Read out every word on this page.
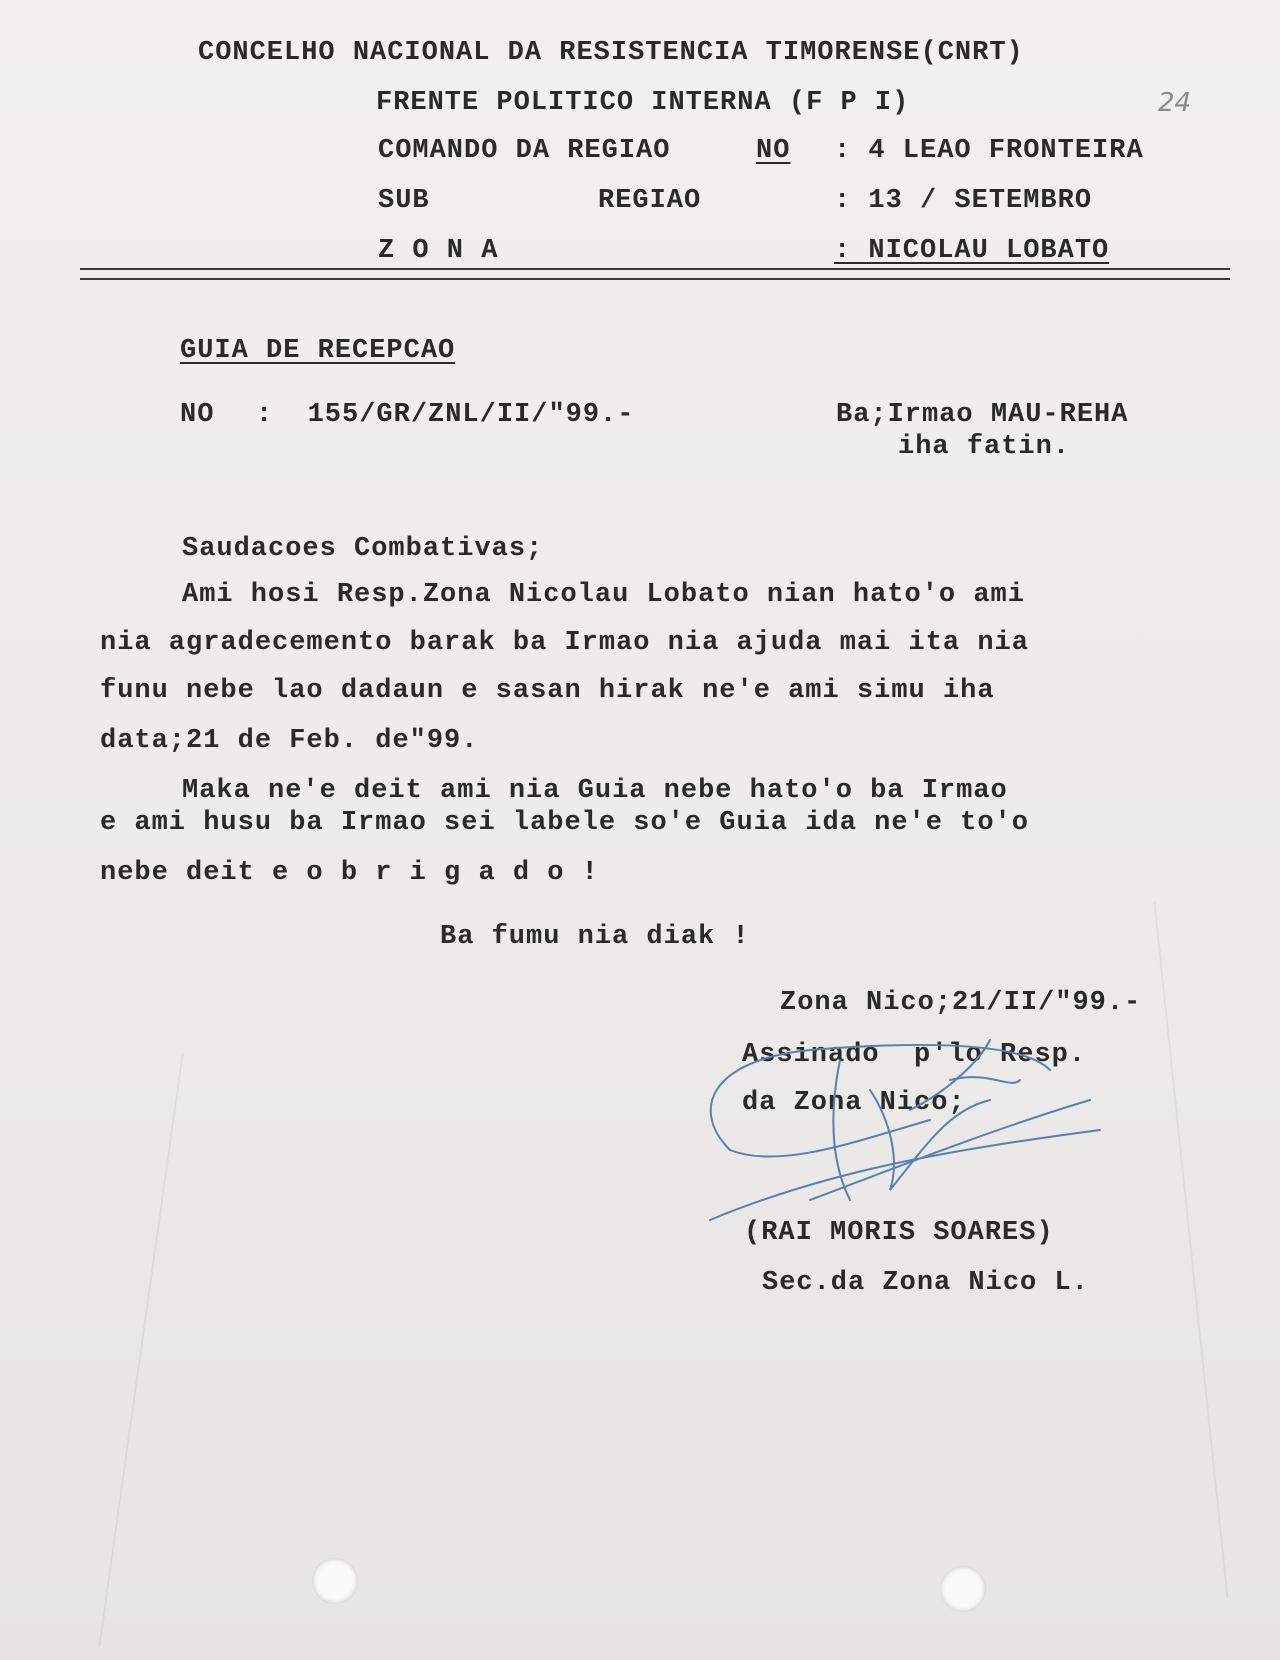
CONCELHO NACIONAL DA RESISTENCIA TIMORENSE(CNRT)
FRENTE POLITICO INTERNA (F P I)	24
COMANDO DA REGIAO	NO : 4 LEAO FRONTEIRA
SUB	REGIAO	: 13 / SETEMBRO
Z O N A	: NICOLAU LOBATO
GUIA DE RECEPCAO
NO :  155/GR/ZNL/II/"99.-	Ba;Irmao MAU-REHA
iha fatin.
Saudacoes Combativas;
Ami hosi Resp.Zona Nicolau Lobato nian hato'o ami
nia agradecemento barak ba Irmao nia ajuda mai ita nia
funu nebe lao dadaun e sasan hirak ne'e ami simu iha
data;21 de Feb. de"99.
Maka ne'e deit ami nia Guia nebe hato'o ba Irmao
e ami husu ba Irmao sei labele so'e Guia ida ne'e to'o
nebe deit e o b r i g a d o !
Ba fumu nia diak !
Zona Nico;21/II/"99.-
Assinado  p'lo Resp.
da Zona Nico;
(RAI MORIS SOARES)
Sec.da Zona Nico L.
